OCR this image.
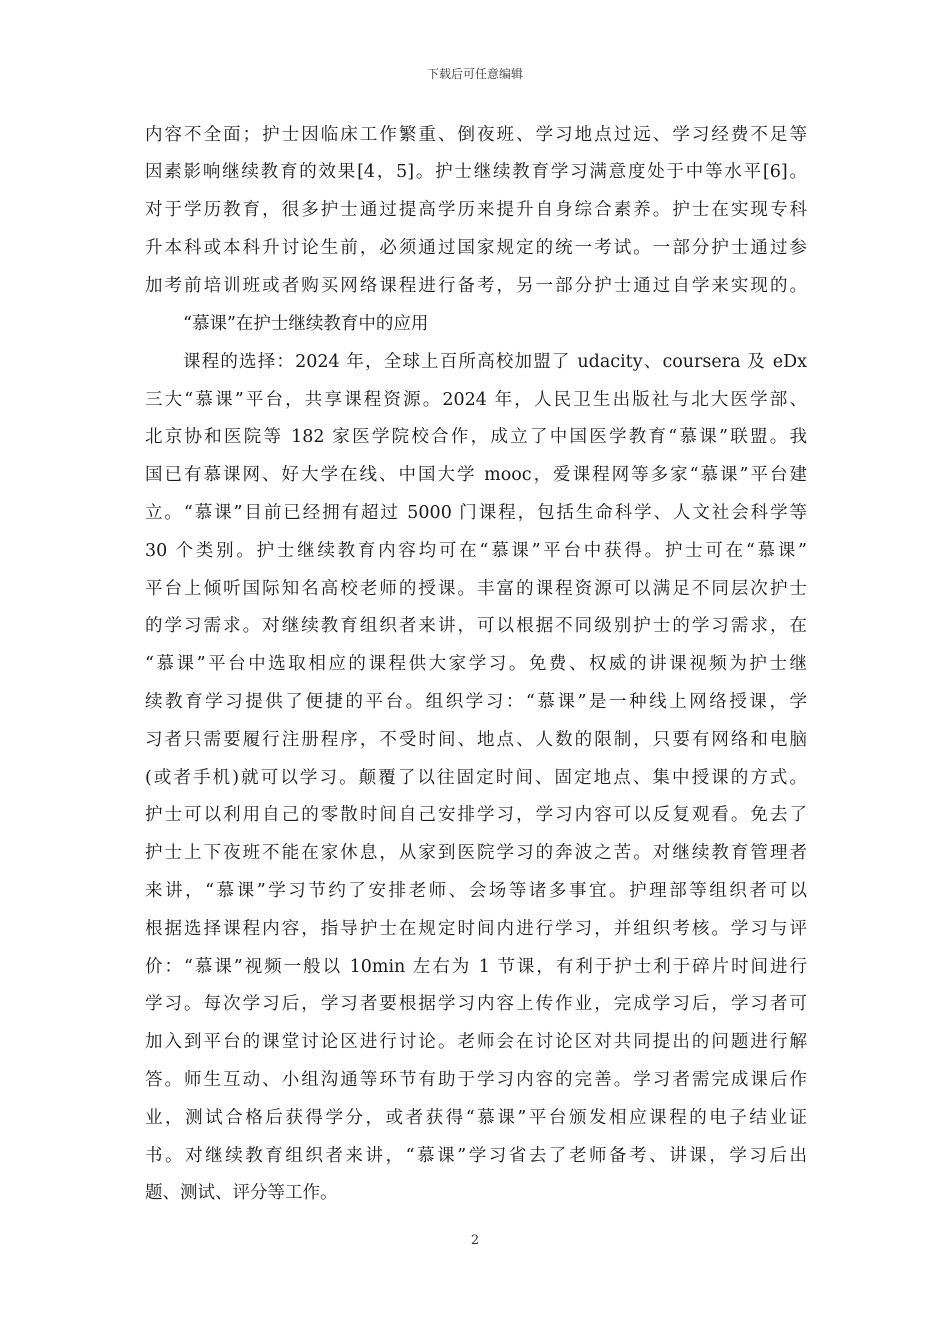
下载后可任意编辑
内容不全面；护士因临床工作繁重、倒夜班、学习地点过远、学习经费不足等
因素影响继续教育的效果[4，5]。护士继续教育学习满意度处于中等水平[6]。
对于学历教育，很多护士通过提高学历来提升自身综合素养。护士在实现专科
升本科或本科升讨论生前，必须通过国家规定的统一考试。一部分护士通过参
加考前培训班或者购买网络课程进行备考，另一部分护士通过自学来实现的。
“慕课”在护士继续教育中的应用
课程的选择：2024 年，全球上百所高校加盟了 udacity、coursera 及 eDx
三大“慕课”平台，共享课程资源。2024 年，人民卫生出版社与北大医学部、
北京协和医院等 182 家医学院校合作，成立了中国医学教育“慕课”联盟。我
国已有慕课网、好大学在线、中国大学 mooc，爱课程网等多家“慕课”平台建
立。“慕课”目前已经拥有超过 5000 门课程，包括生命科学、人文社会科学等
30 个类别。护士继续教育内容均可在“慕课”平台中获得。护士可在“慕课”
平台上倾听国际知名高校老师的授课。丰富的课程资源可以满足不同层次护士
的学习需求。对继续教育组织者来讲，可以根据不同级别护士的学习需求，在
“慕课”平台中选取相应的课程供大家学习。免费、权威的讲课视频为护士继
续教育学习提供了便捷的平台。组织学习：“慕课”是一种线上网络授课，学
习者只需要履行注册程序，不受时间、地点、人数的限制，只要有网络和电脑
(或者手机)就可以学习。颠覆了以往固定时间、固定地点、集中授课的方式。
护士可以利用自己的零散时间自己安排学习，学习内容可以反复观看。免去了
护士上下夜班不能在家休息，从家到医院学习的奔波之苦。对继续教育管理者
来讲，“慕课”学习节约了安排老师、会场等诸多事宜。护理部等组织者可以
根据选择课程内容，指导护士在规定时间内进行学习，并组织考核。学习与评
价：“慕课”视频一般以 10min 左右为 1 节课，有利于护士利于碎片时间进行
学习。每次学习后，学习者要根据学习内容上传作业，完成学习后，学习者可
加入到平台的课堂讨论区进行讨论。老师会在讨论区对共同提出的问题进行解
答。师生互动、小组沟通等环节有助于学习内容的完善。学习者需完成课后作
业，测试合格后获得学分，或者获得“慕课”平台颁发相应课程的电子结业证
书。对继续教育组织者来讲，“慕课”学习省去了老师备考、讲课，学习后出
题、测试、评分等工作。
2
